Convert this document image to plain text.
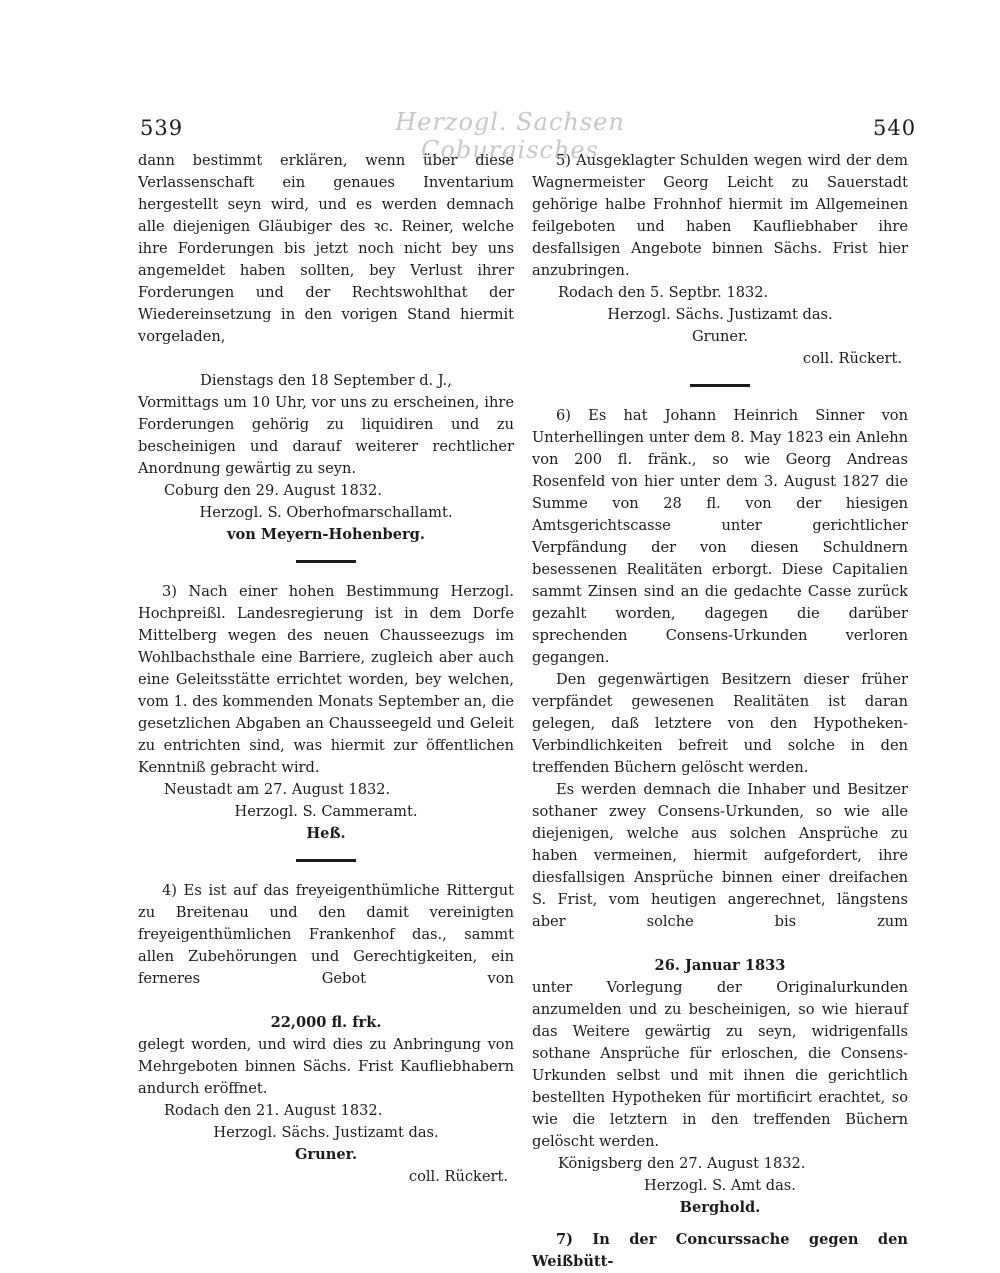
539	Herzogl. Sachsen Coburgisches
540

dann bestimmt erklären, wenn über diese Verlassenschaft ein genaues Inventarium hergestellt seyn wird, und es werden demnach alle diejenigen Gläubiger des ꝛc. Reiner, welche ihre Forderungen bis jetzt noch nicht bey uns angemeldet haben sollten, bey Verlust ihrer Forderungen und der Rechtswohlthat der Wiedereinsetzung in den vorigen Stand hiermit vorgeladen,

Dienstags den 18 September d. J.,

Vormittags um 10 Uhr, vor uns zu erscheinen, ihre Forderungen gehörig zu liquidiren und zu bescheinigen und darauf weiterer rechtlicher Anordnung gewärtig zu seyn.

Coburg den 29. August 1832.

Herzogl. S. Oberhofmarschallamt.

von Meyern-Hohenberg.

3) Nach einer hohen Bestimmung Herzogl. Hochpreißl. Landesregierung ist in dem Dorfe Mittelberg wegen des neuen Chausseezugs im Wohlbachsthale eine Barriere, zugleich aber auch eine Geleitsstätte errichtet worden, bey welchen, vom 1. des kommenden Monats September an, die gesetzlichen Abgaben an Chausseegeld und Geleit zu entrichten sind, was hiermit zur öffentlichen Kenntniß gebracht wird.

Neustadt am 27. August 1832.

Herzogl. S. Cammeramt.

Heß.

4) Es ist auf das freyeigenthümliche Rittergut zu Breitenau und den damit vereinigten freyeigenthümlichen Frankenhof das., sammt allen Zubehörungen und Gerechtigkeiten, ein ferneres Gebot von

22,000 fl. frk.

gelegt worden, und wird dies zu Anbringung von Mehrgeboten binnen Sächs. Frist Kaufliebhabern andurch eröffnet.

Rodach den 21. August 1832.

Herzogl. Sächs. Justizamt das.

Gruner.

coll. Rückert.

5) Ausgeklagter Schulden wegen wird der dem Wagnermeister Georg Leicht zu Sauerstadt gehörige halbe Frohnhof hiermit im Allgemeinen feilgeboten und haben Kaufliebhaber ihre desfallsigen Angebote binnen Sächs. Frist hier anzubringen.

Rodach den 5. Septbr. 1832.

Herzogl. Sächs. Justizamt das.

Gruner.

coll. Rückert.

6) Es hat Johann Heinrich Sinner von Unterhellingen unter dem 8. May 1823 ein Anlehn von 200 fl. fränk., so wie Georg Andreas Rosenfeld von hier unter dem 3. August 1827 die Summe von 28 fl. von der hiesigen Amtsgerichtscasse unter gerichtlicher Verpfändung der von diesen Schuldnern besessenen Realitäten erborgt. Diese Capitalien sammt Zinsen sind an die gedachte Casse zurück gezahlt worden, dagegen die darüber sprechenden Consens-Urkunden verloren gegangen.

Den gegenwärtigen Besitzern dieser früher verpfändet gewesenen Realitäten ist daran gelegen, daß letztere von den Hypotheken-Verbindlichkeiten befreit und solche in den treffenden Büchern gelöscht werden.

Es werden demnach die Inhaber und Besitzer sothaner zwey Consens-Urkunden, so wie alle diejenigen, welche aus solchen Ansprüche zu haben vermeinen, hiermit aufgefordert, ihre diesfallsigen Ansprüche binnen einer dreifachen S. Frist, vom heutigen angerechnet, längstens aber solche bis zum

26. Januar 1833

unter Vorlegung der Originalurkunden anzumelden und zu bescheinigen, so wie hierauf das Weitere gewärtig zu seyn, widrigenfalls sothane Ansprüche für erloschen, die Consens-Urkunden selbst und mit ihnen die gerichtlich bestellten Hypotheken für mortificirt erachtet, so wie die letztern in den treffenden Büchern gelöscht werden.

Königsberg den 27. August 1832.

Herzogl. S. Amt das.

Berghold.

7) In der Concurssache gegen den Weißbütt-
